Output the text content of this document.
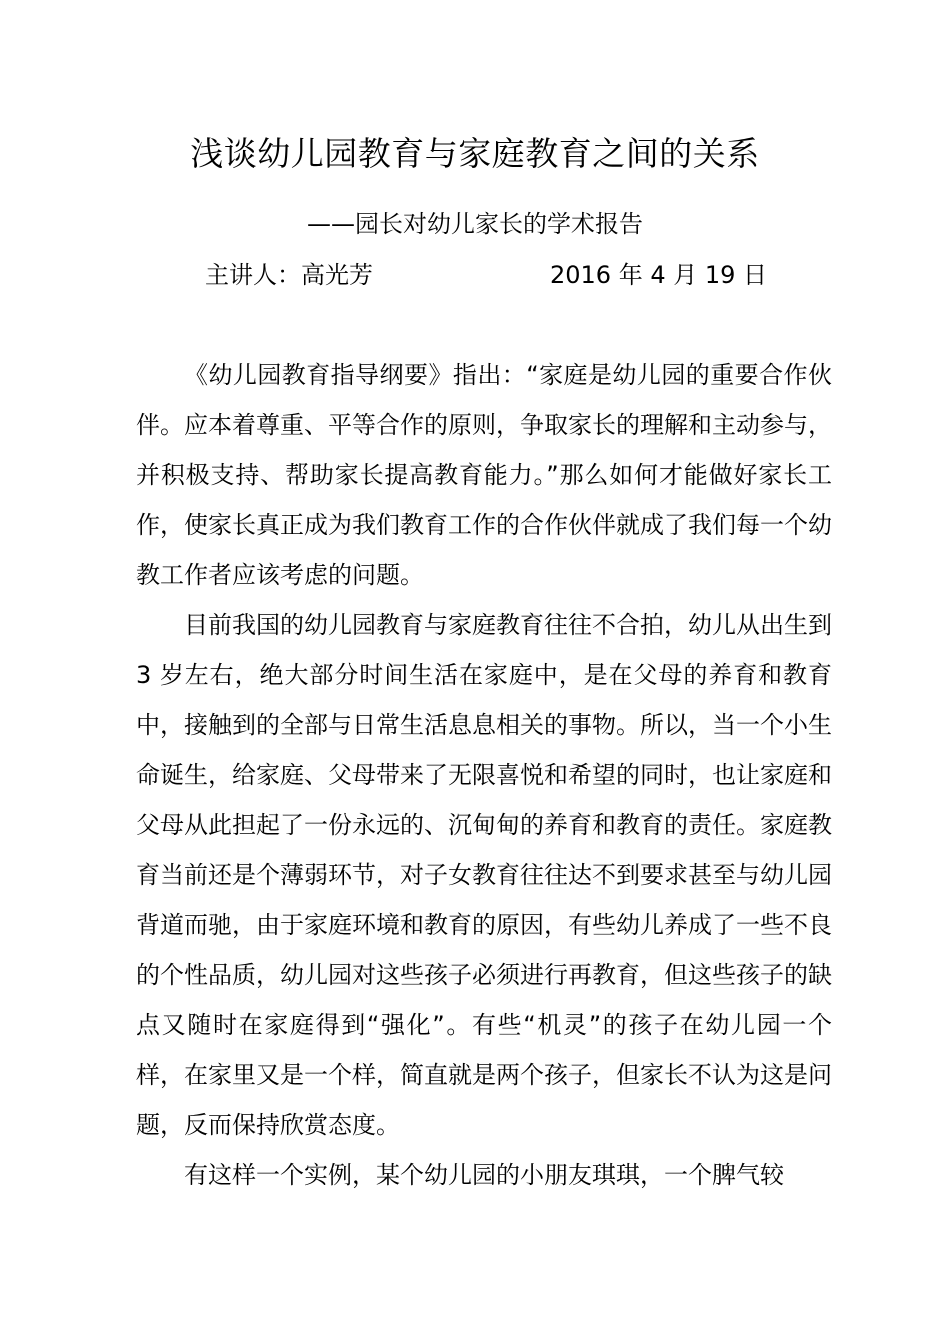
浅谈幼儿园教育与家庭教育之间的关系
——园长对幼儿家长的学术报告
主讲人：高光芳	2016 年 4 月 19 日

《幼儿园教育指导纲要》指出：“家庭是幼儿园的重要合作伙伴。应本着尊重、平等合作的原则，争取家长的理解和主动参与，并积极支持、帮助家长提高教育能力。”那么如何才能做好家长工作，使家长真正成为我们教育工作的合作伙伴就成了我们每一个幼教工作者应该考虑的问题。

目前我国的幼儿园教育与家庭教育往往不合拍，幼儿从出生到 3 岁左右，绝大部分时间生活在家庭中，是在父母的养育和教育中，接触到的全部与日常生活息息相关的事物。所以，当一个小生命诞生，给家庭、父母带来了无限喜悦和希望的同时，也让家庭和父母从此担起了一份永远的、沉甸甸的养育和教育的责任。家庭教育当前还是个薄弱环节，对子女教育往往达不到要求甚至与幼儿园背道而驰，由于家庭环境和教育的原因，有些幼儿养成了一些不良的个性品质，幼儿园对这些孩子必须进行再教育，但这些孩子的缺点又随时在家庭得到“强化”。有些“机灵”的孩子在幼儿园一个样，在家里又是一个样，简直就是两个孩子，但家长不认为这是问题，反而保持欣赏态度。

有这样一个实例，某个幼儿园的小朋友琪琪，一个脾气较
